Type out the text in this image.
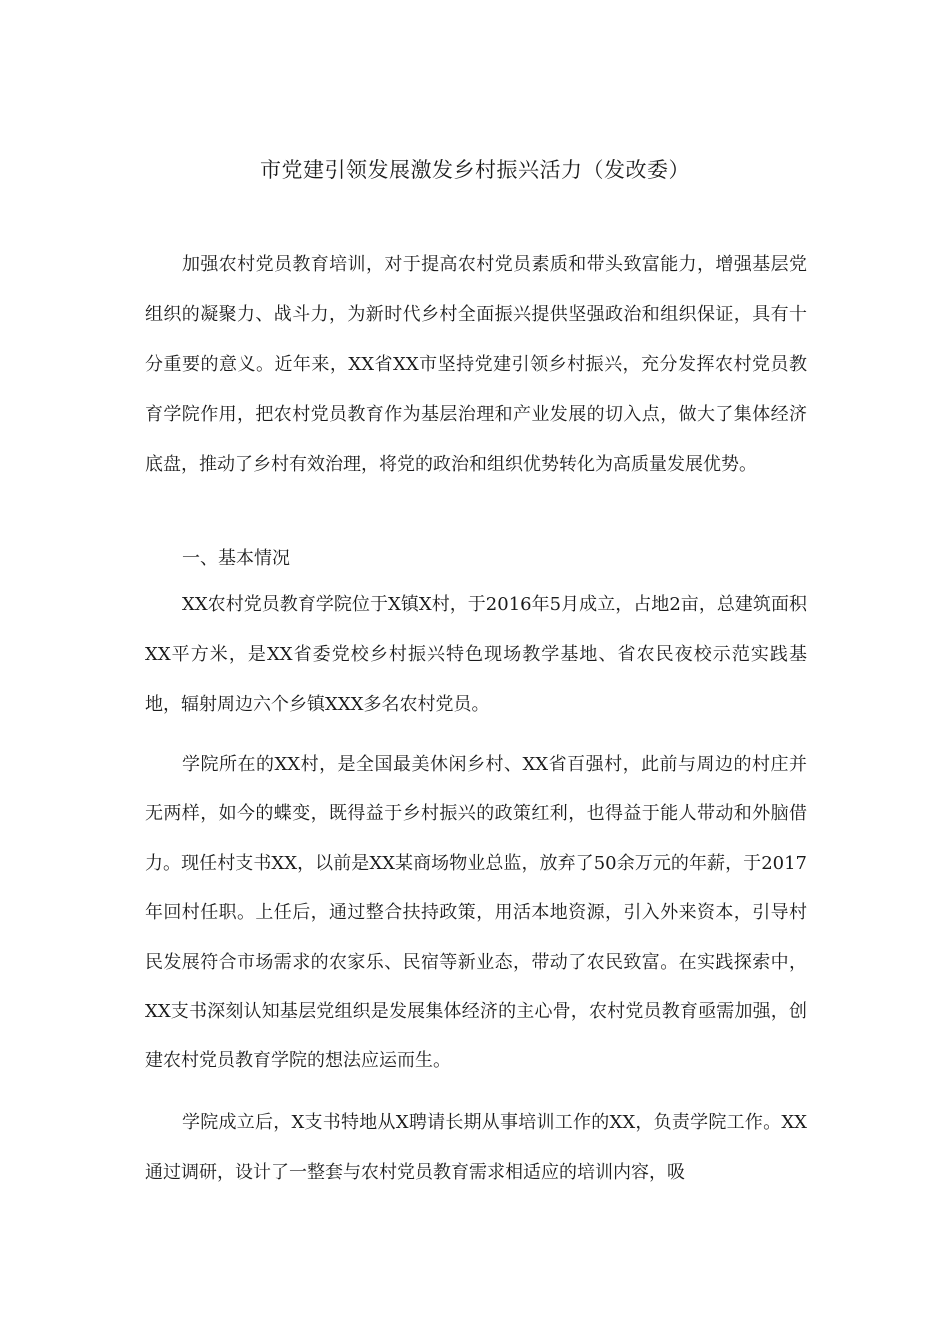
市党建引领发展激发乡村振兴活力（发改委）

加强农村党员教育培训，对于提高农村党员素质和带头致富能力，增强基层党组织的凝聚力、战斗力，为新时代乡村全面振兴提供坚强政治和组织保证，具有十分重要的意义。近年来，XX省XX市坚持党建引领乡村振兴，充分发挥农村党员教育学院作用，把农村党员教育作为基层治理和产业发展的切入点，做大了集体经济底盘，推动了乡村有效治理，将党的政治和组织优势转化为高质量发展优势。

一、基本情况

XX农村党员教育学院位于X镇X村，于2016年5月成立，占地2亩，总建筑面积XX平方米，是XX省委党校乡村振兴特色现场教学基地、省农民夜校示范实践基地，辐射周边六个乡镇XXX多名农村党员。

学院所在的XX村，是全国最美休闲乡村、XX省百强村，此前与周边的村庄并无两样，如今的蝶变，既得益于乡村振兴的政策红利，也得益于能人带动和外脑借力。现任村支书XX，以前是XX某商场物业总监，放弃了50余万元的年薪，于2017年回村任职。上任后，通过整合扶持政策，用活本地资源，引入外来资本，引导村民发展符合市场需求的农家乐、民宿等新业态，带动了农民致富。在实践探索中，XX支书深刻认知基层党组织是发展集体经济的主心骨，农村党员教育亟需加强，创建农村党员教育学院的想法应运而生。

学院成立后，X支书特地从X聘请长期从事培训工作的XX，负责学院工作。XX通过调研，设计了一整套与农村党员教育需求相适应的培训内容，吸
